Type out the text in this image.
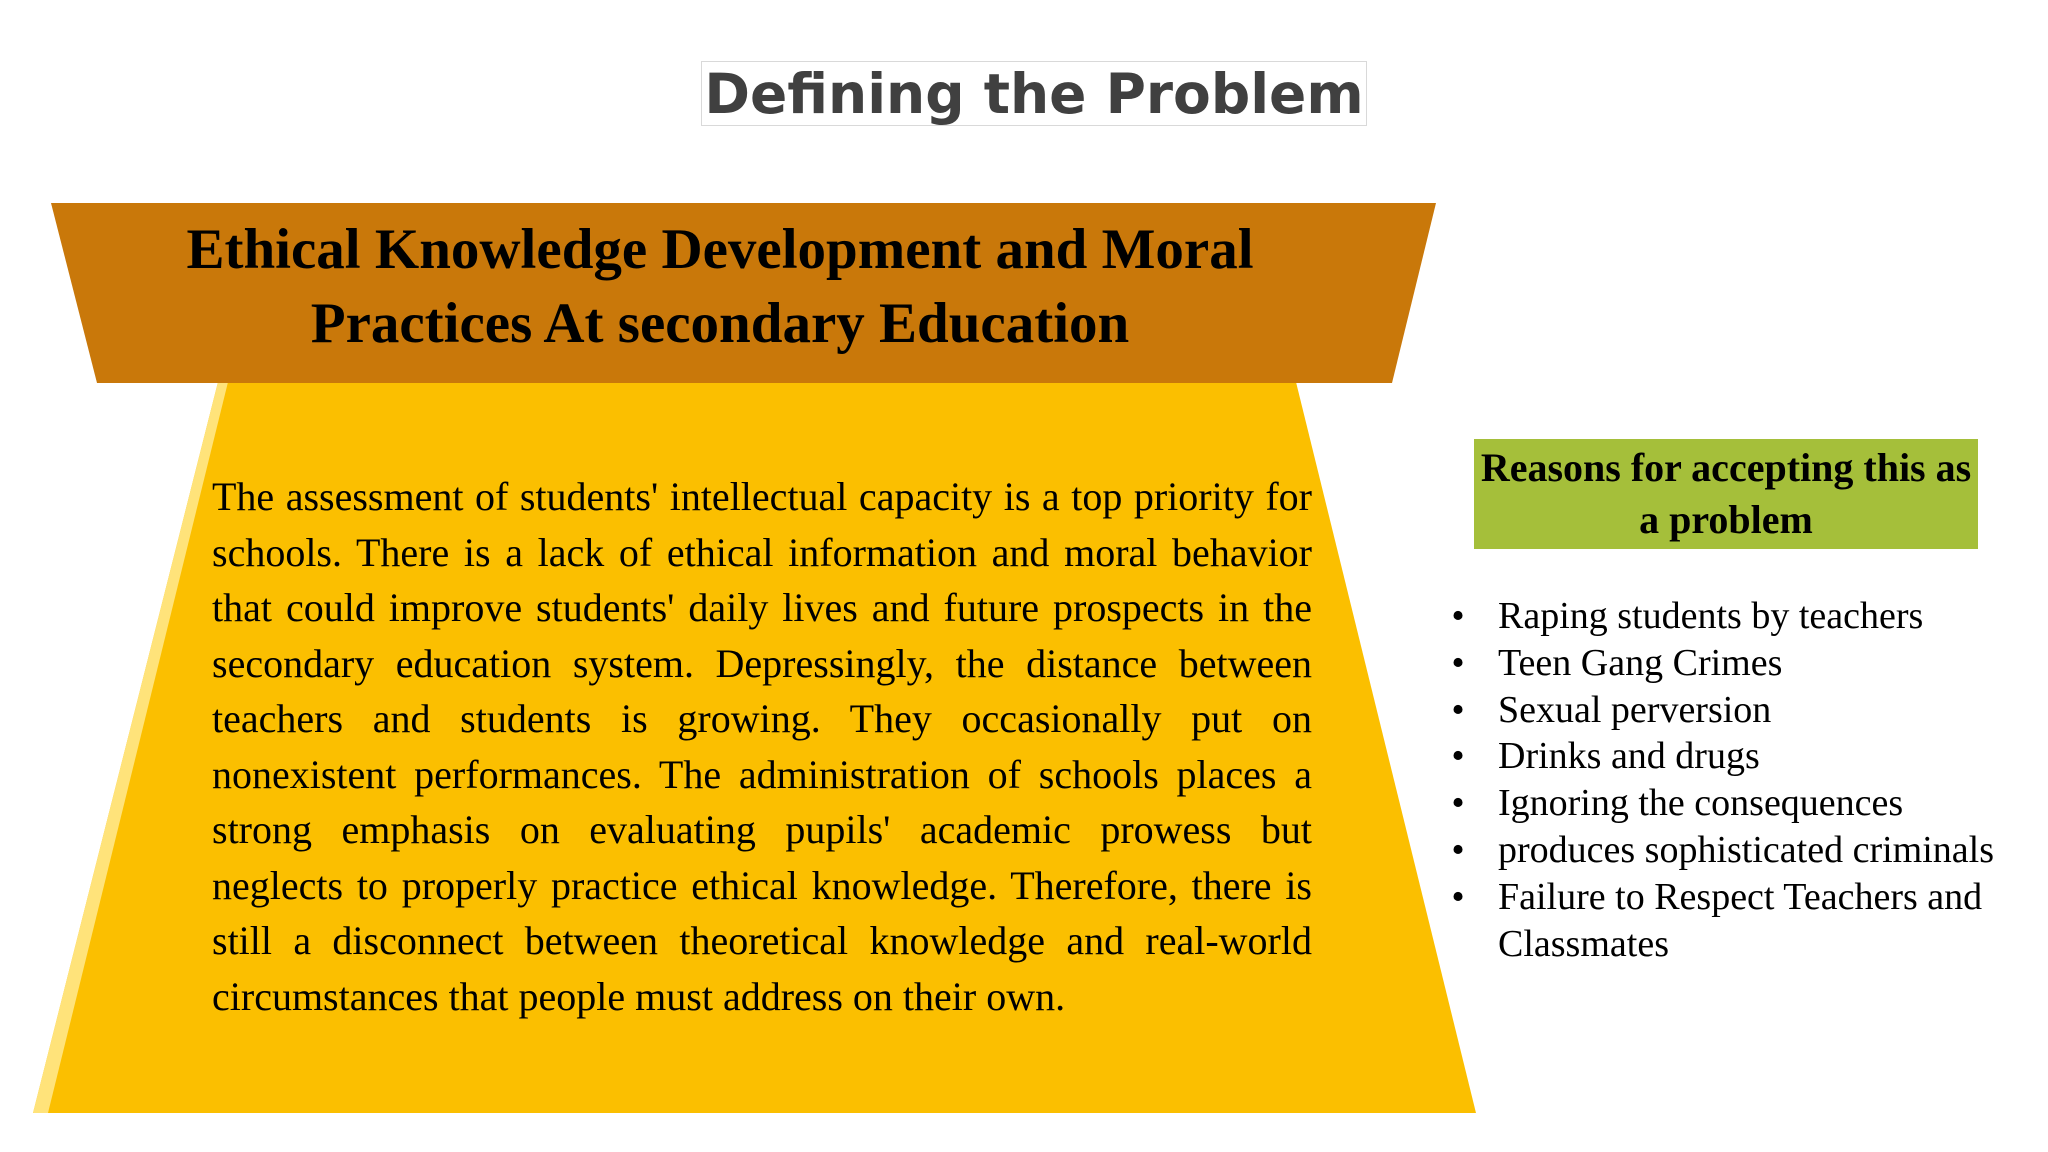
Defining the Problem
Ethical Knowledge Development and Moral Practices At secondary Education

The assessment of students' intellectual capacity is a top priority for schools. There is a lack of ethical information and moral behavior that could improve students' daily lives and future prospects in the secondary education system. Depressingly, the distance between teachers and students is growing. They occasionally put on nonexistent performances. The administration of schools places a strong emphasis on evaluating pupils' academic prowess but neglects to properly practice ethical knowledge. Therefore, there is still a disconnect between theoretical knowledge and real-world circumstances that people must address on their own.

Reasons for accepting this as a problem
• Raping students by teachers
• Teen Gang Crimes
• Sexual perversion
• Drinks and drugs
• Ignoring the consequences
• produces sophisticated criminals
• Failure to Respect Teachers and Classmates
